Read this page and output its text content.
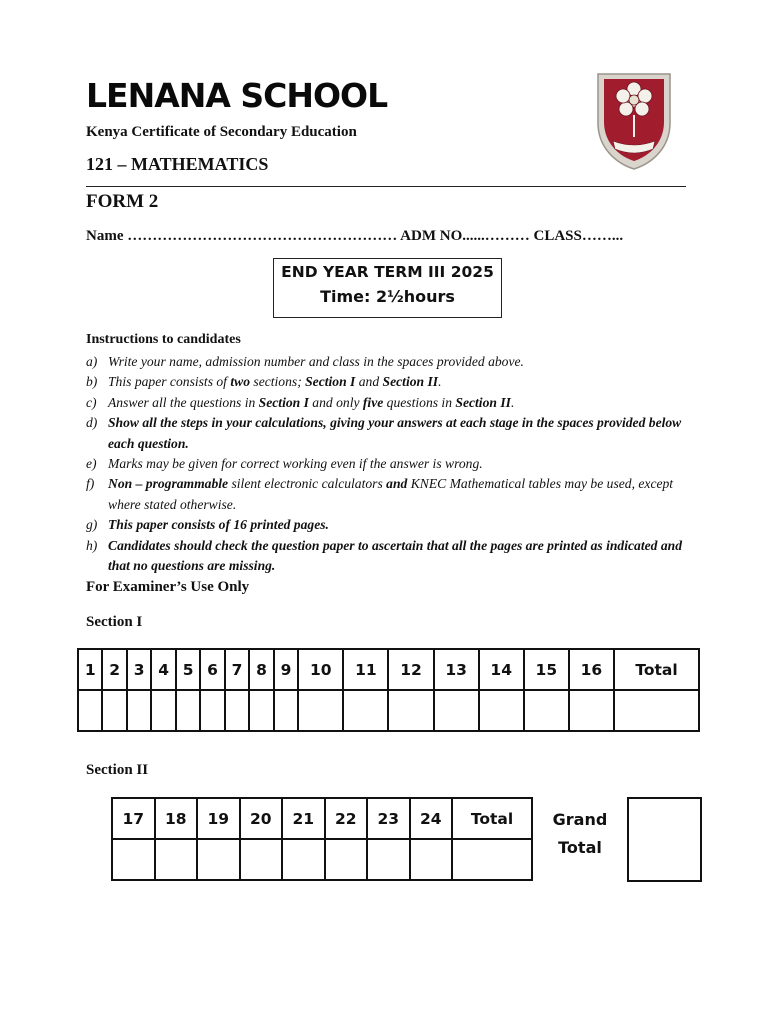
LENANA SCHOOL
Kenya Certificate of Secondary Education
121 – MATHEMATICS
FORM 2
Name ……………………………………………… ADM NO......……… CLASS……...
END YEAR TERM III 2025
Time: 2½hours
Instructions to candidates
a) Write your name, admission number and class in the spaces provided above.
b) This paper consists of two sections; Section I and Section II.
c) Answer all the questions in Section I and only five questions in Section II.
d) Show all the steps in your calculations, giving your answers at each stage in the spaces provided below each question.
e) Marks may be given for correct working even if the answer is wrong.
f)	Non – programmable silent electronic calculators and KNEC Mathematical tables may be used, except where stated otherwise.
g) This paper consists of 16 printed pages.
h) Candidates should check the question paper to ascertain that all the pages are printed as indicated and that no questions are missing.
For Examiner’s Use Only
Section I
1	2	3	4	5	6	7	8	9	10	11	12	13	14	15	16	Total

Section II
17	18	19	20	21	22	23	24	Total
									Grand
Total
